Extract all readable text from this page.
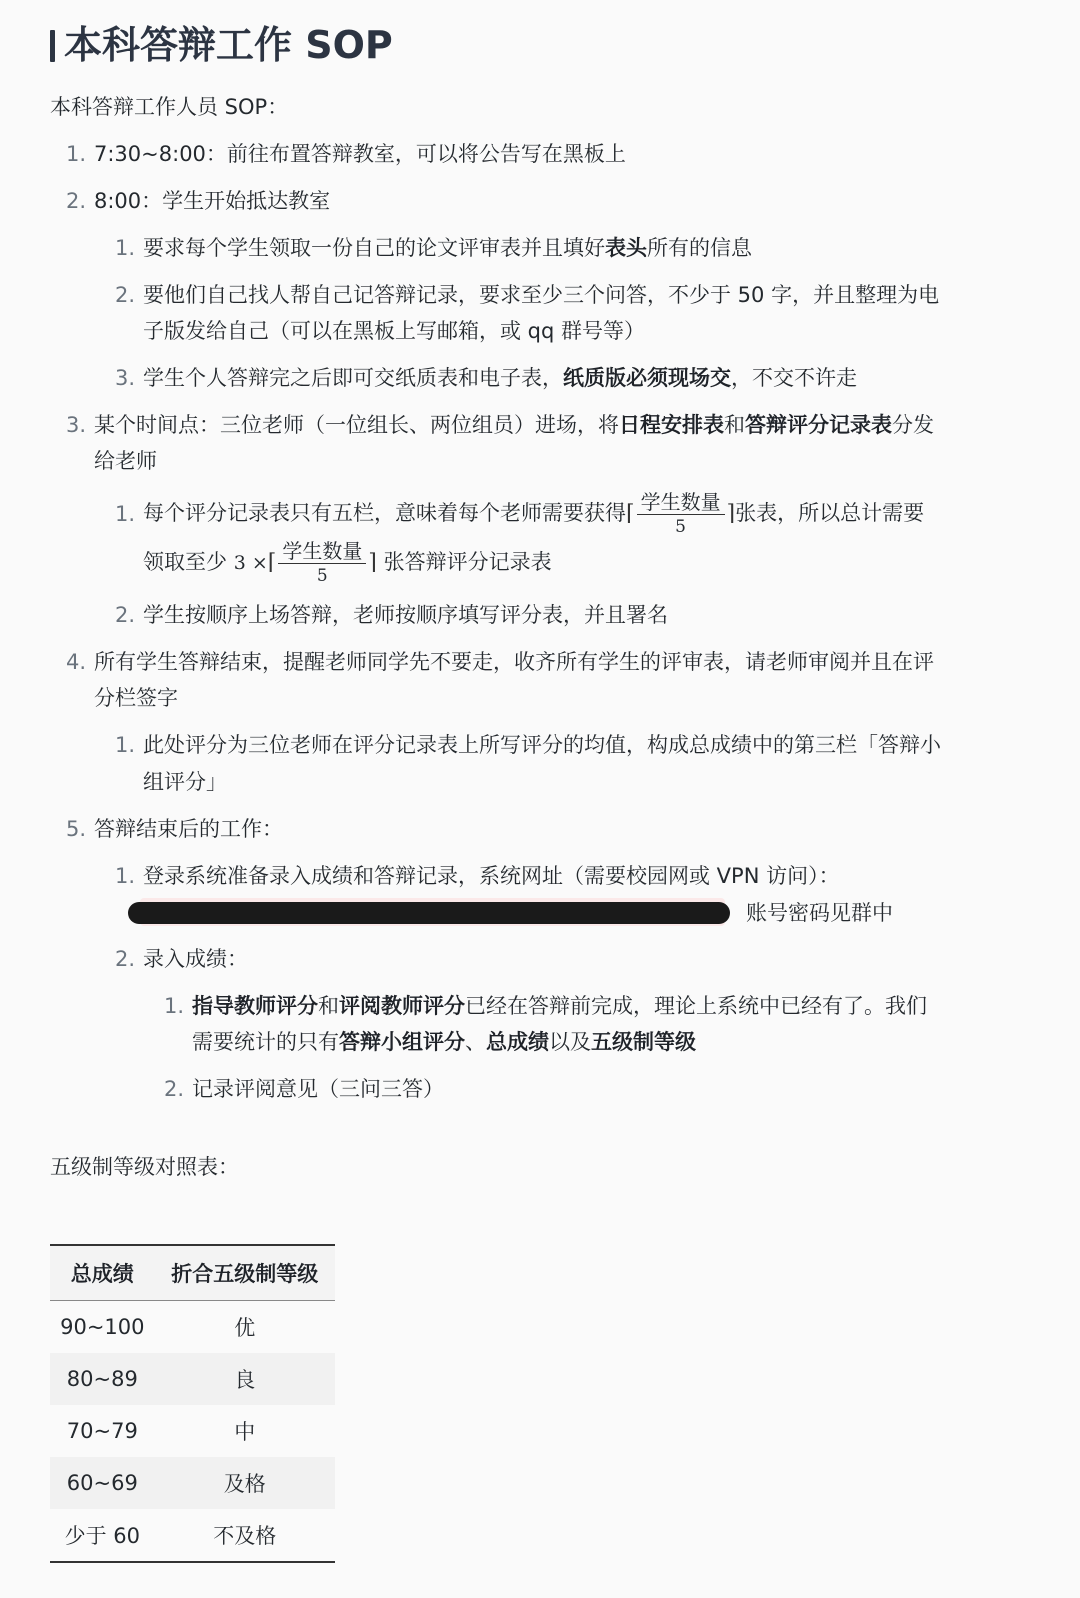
本科答辩工作 SOP
本科答辩工作人员 SOP：
1. 7:30~8:00：前往布置答辩教室，可以将公告写在黑板上
2. 8:00：学生开始抵达教室
1. 要求每个学生领取一份自己的论文评审表并且填好表头所有的信息
2. 要他们自己找人帮自己记答辩记录，要求至少三个问答，不少于 50 字，并且整理为电
子版发给自己（可以在黑板上写邮箱，或 qq 群号等）
3. 学生个人答辩完之后即可交纸质表和电子表，纸质版必须现场交，不交不许走
3. 某个时间点：三位老师（一位组长、两位组员）进场，将日程安排表和答辩评分记录表分发
给老师
1. 每个评分记录表只有五栏，意味着每个老师需要获得⌈ $\frac{\text{学生数量}}{5}$ ⌉张表，所以总计需要
领取至少 3 ×⌈ $\frac{\text{学生数量}}{5}$ ⌉ 张答辩评分记录表
2. 学生按顺序上场答辩，老师按顺序填写评分表，并且署名
4. 所有学生答辩结束，提醒老师同学先不要走，收齐所有学生的评审表，请老师审阅并且在评
分栏签字
1. 此处评分为三位老师在评分记录表上所写评分的均值，构成总成绩中的第三栏「答辩小
组评分」
5. 答辩结束后的工作：
1. 登录系统准备录入成绩和答辩记录，系统网址（需要校园网或 VPN 访问）：
账号密码见群中
2. 录入成绩：
1. 指导教师评分和评阅教师评分已经在答辩前完成，理论上系统中已经有了。我们
需要统计的只有答辩小组评分、总成绩以及五级制等级
2. 记录评阅意见（三问三答）
五级制等级对照表：
总成绩	折合五级制等级
90~100	优
80~89	良
70~79	中
60~69	及格
少于 60	不及格
